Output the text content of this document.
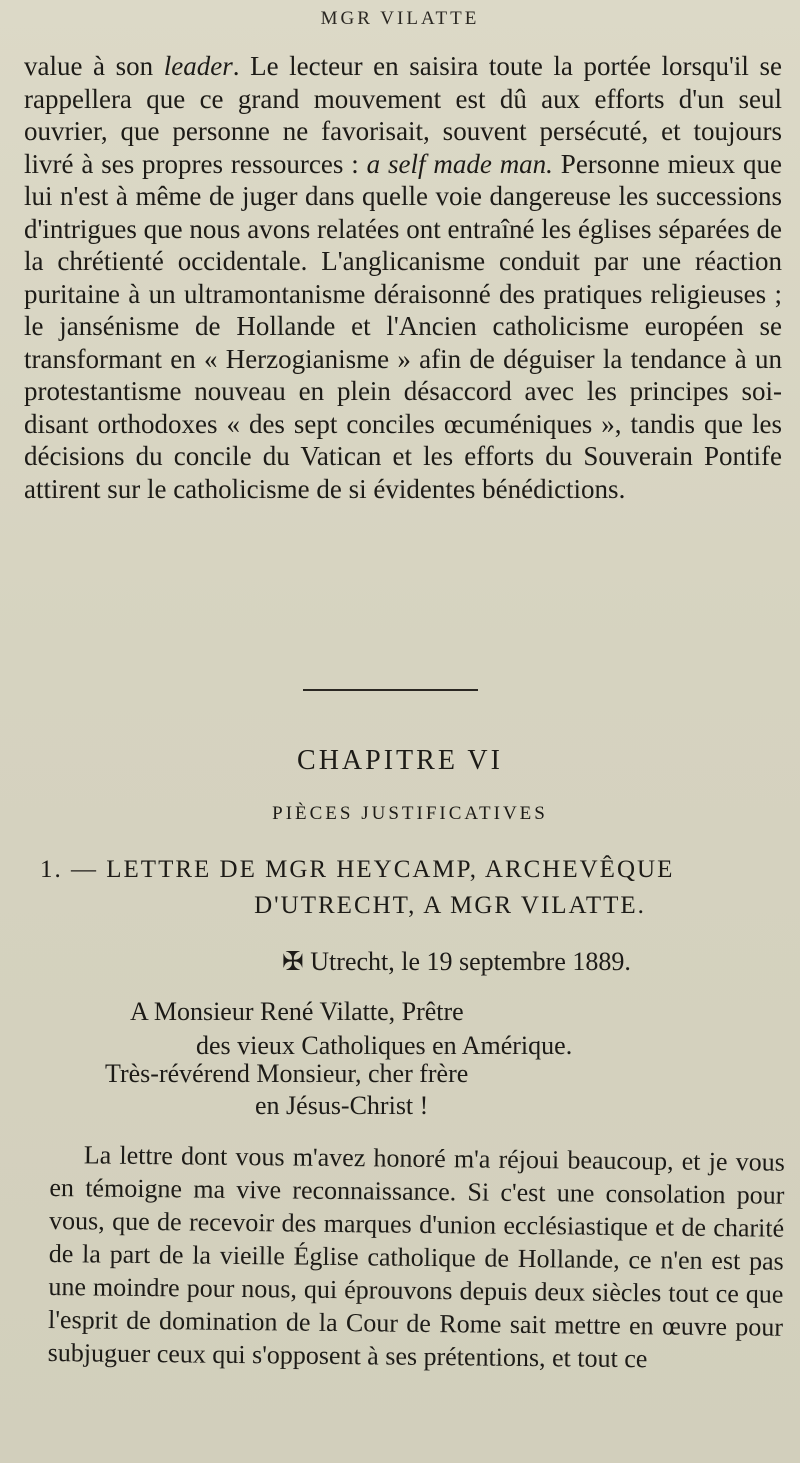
MGR VILATTE

value à son leader. Le lecteur en saisira toute la portée lorsqu'il se rappellera que ce grand mouvement est dû aux efforts d'un seul ouvrier, que personne ne favorisait, souvent persécuté, et toujours livré à ses propres ressources : a self made man. Personne mieux que lui n'est à même de juger dans quelle voie dangereuse les successions d'intrigues que nous avons relatées ont entraîné les églises séparées de la chrétienté occidentale. L'anglicanisme conduit par une réaction puritaine à un ultramontanisme déraisonné des pratiques religieuses ; le jansénisme de Hollande et l'Ancien catholicisme européen se transformant en « Herzogianisme » afin de déguiser la tendance à un protestantisme nouveau en plein désaccord avec les principes soi-disant orthodoxes « des sept conciles œcuméniques », tandis que les décisions du concile du Vatican et les efforts du Souverain Pontife attirent sur le catholicisme de si évidentes bénédictions.

CHAPITRE VI
PIÈCES JUSTIFICATIVES
1. — LETTRE DE MGR HEYCAMP, ARCHEVÊQUE
D'UTRECHT, A MGR VILATTE.
✠ Utrecht, le 19 septembre 1889.
A Monsieur René Vilatte, Prêtre
des vieux Catholiques en Amérique.
Très-révérend Monsieur, cher frère
en Jésus-Christ !
La lettre dont vous m'avez honoré m'a réjoui beaucoup, et je vous en témoigne ma vive reconnaissance. Si c'est une consolation pour vous, que de recevoir des marques d'union ecclésiastique et de charité de la part de la vieille Église catholique de Hollande, ce n'en est pas une moindre pour nous, qui éprouvons depuis deux siècles tout ce que l'esprit de domination de la Cour de Rome sait mettre en œuvre pour subjuguer ceux qui s'opposent à ses prétentions, et tout ce
